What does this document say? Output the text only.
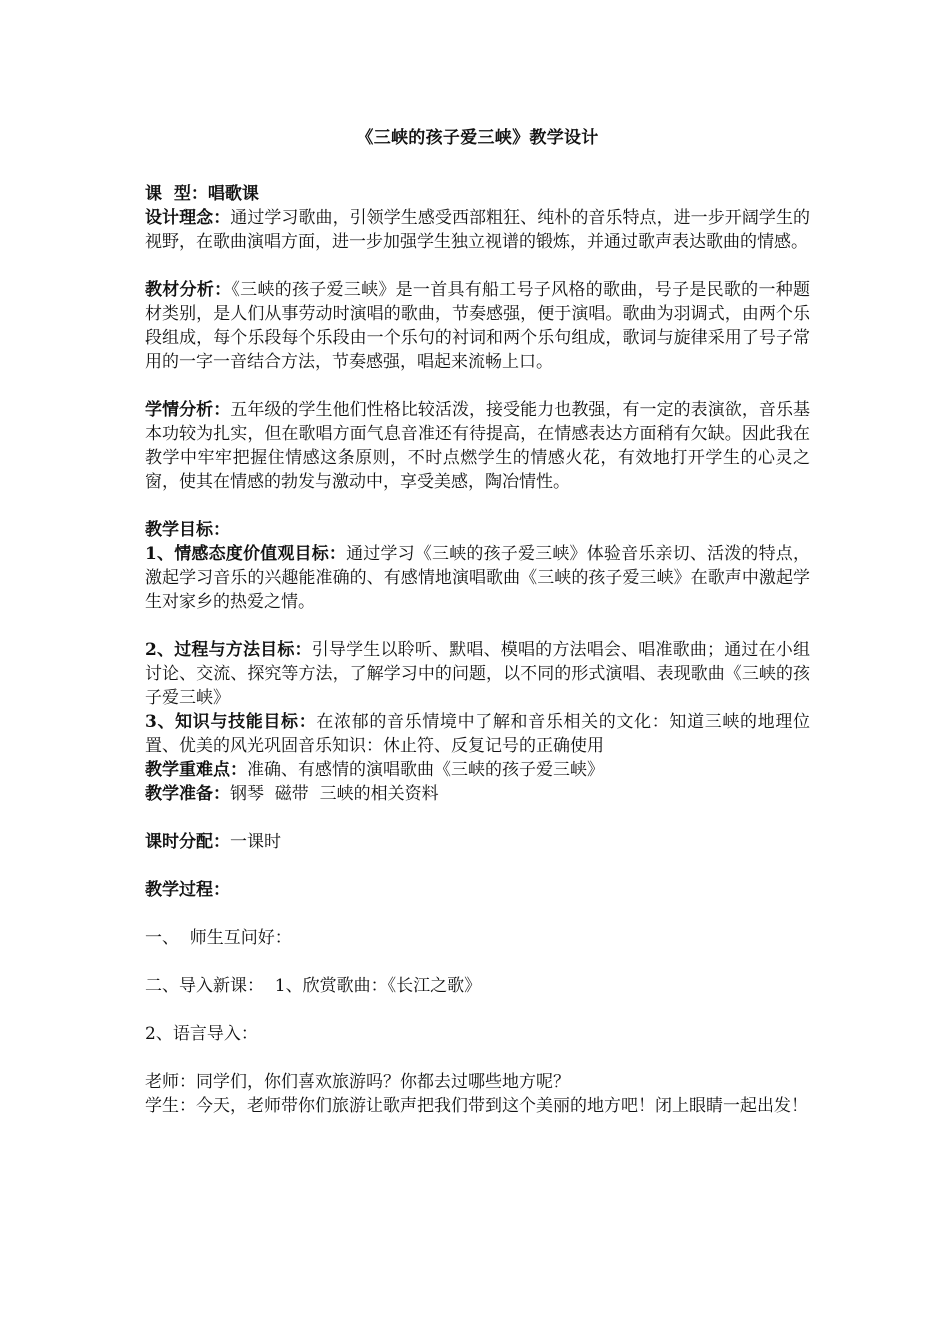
《三峡的孩子爱三峡》教学设计

课  型：唱歌课

设计理念：通过学习歌曲，引领学生感受西部粗狂、纯朴的音乐特点，进一步开阔学生的视野，在歌曲演唱方面，进一步加强学生独立视谱的锻炼，并通过歌声表达歌曲的情感。

教材分析：《三峡的孩子爱三峡》是一首具有船工号子风格的歌曲，号子是民歌的一种题材类别，是人们从事劳动时演唱的歌曲，节奏感强，便于演唱。歌曲为羽调式，由两个乐段组成，每个乐段每个乐段由一个乐句的衬词和两个乐句组成，歌词与旋律采用了号子常用的一字一音结合方法，节奏感强，唱起来流畅上口。

学情分析：五年级的学生他们性格比较活泼，接受能力也教强，有一定的表演欲，音乐基本功较为扎实，但在歌唱方面气息音准还有待提高，在情感表达方面稍有欠缺。因此我在教学中牢牢把握住情感这条原则，不时点燃学生的情感火花，有效地打开学生的心灵之窗，使其在情感的勃发与激动中，享受美感，陶冶情性。

教学目标：

1、情感态度价值观目标：通过学习《三峡的孩子爱三峡》体验音乐亲切、活泼的特点，激起学习音乐的兴趣能准确的、有感情地演唱歌曲《三峡的孩子爱三峡》在歌声中激起学生对家乡的热爱之情。

2、过程与方法目标：引导学生以聆听、默唱、模唱的方法唱会、唱准歌曲；通过在小组讨论、交流、探究等方法，了解学习中的问题，以不同的形式演唱、表现歌曲《三峡的孩子爱三峡》

3、知识与技能目标：在浓郁的音乐情境中了解和音乐相关的文化：知道三峡的地理位置、优美的风光巩固音乐知识：休止符、反复记号的正确使用

教学重难点：准确、有感情的演唱歌曲《三峡的孩子爱三峡》

教学准备：钢琴  磁带  三峡的相关资料

课时分配：一课时

教学过程：

一、  师生互问好：

二、导入新课：  1、欣赏歌曲：《长江之歌》

2、语言导入：

老师：同学们，你们喜欢旅游吗？你都去过哪些地方呢？

学生：今天，老师带你们旅游让歌声把我们带到这个美丽的地方吧！闭上眼睛一起出发！
